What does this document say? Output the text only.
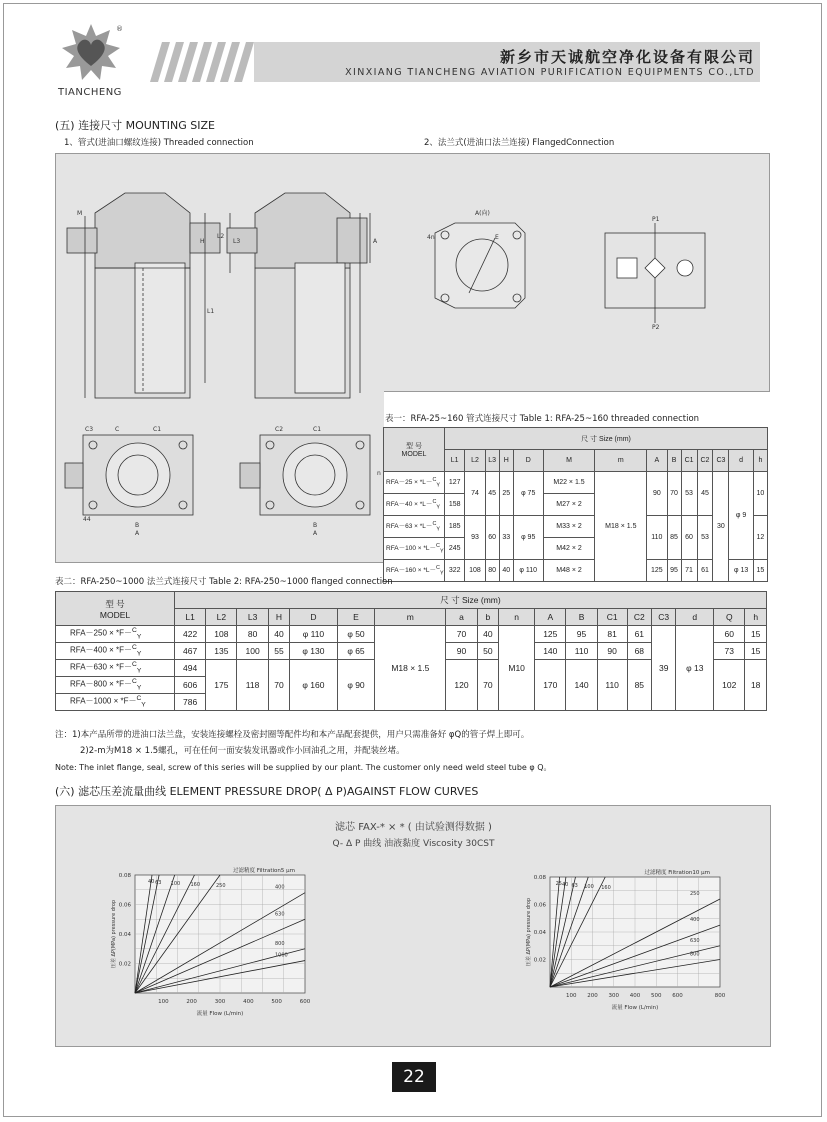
®
TIANCHENG
新乡市天诚航空净化设备有限公司
XINXIANG TIANCHENG AVIATION PURIFICATION EQUIPMENTS CO.,LTD
(五) 连接尺寸 MOUNTING SIZE
1、管式(进油口螺纹连接) Threaded connection	2、法兰式(进油口法兰连接) FlangedConnection
M
L1
L2
L3
H	A
A(向)
E
4n
P1
P2
C3	C	C1
B
A
44
C1
C2
B
A
n
表一：RFA-25~160 管式连接尺寸 Table 1: RFA-25~160 threaded connection
型 号
MODEL	尺 寸 Size (mm)													
	L1	L2	L3	H	D	M	m	A	B	C1	C2	C3	d	h
RFA－25 × *L－$^C_Y$	127	74	45	25	φ 75	M22 × 1.5	M18 × 1.5	90	70	53	45	30	φ 9	10
RFA－40 × *L－$^C_Y$	158					M27 × 2								
RFA－63 × *L－$^C_Y$	185	93	60	33	φ 95	M33 × 2		110	85	60	53			12
RFA－100 × *L－$^C_Y$	245					M42 × 2								
RFA－160 × *L－$^C_Y$	322	108	80	40	φ 110	M48 × 2		125	95	71	61		φ 13	15
表二：RFA-250~1000 法兰式连接尺寸 Table 2: RFA-250~1000 flanged connection
型 号
MODEL	尺 寸 Size (mm)																	
	L1	L2	L3	H	D	E	m	a	b	n	A	B	C1	C2	C3	d	Q	h
RFA－250 × *F－$^C_Y$	422	108	80	40	φ 110	φ 50	M18 × 1.5	70	40	M10	125	95	81	61	39	φ 13	60	15
RFA－400 × *F－$^C_Y$	467	135	100	55	φ 130	φ 65		90	50		140	110	90	68			73	15
RFA－630 × *F－$^C_Y$	494	175	118	70	φ 160	φ 90		120	70		170	140	110	85			102	18
RFA－800 × *F－$^C_Y$	606																	
RFA－1000 × *F－$^C_Y$	786																	
注：1)本产品所带的进油口法兰盘，安装连接螺栓及密封圈等配件均和本产品配套提供，用户只需准备好 φQ的管子焊上即可。
2)2-m为M18 × 1.5螺孔，可在任何一面安装发讯器或作小回油孔之用，并配装丝堵。
Note: The inlet flange, seal, screw of this series will be supplied by our plant. The customer only need weld steel tube φ Q。
(六) 滤芯压差流量曲线 ELEMENT PRESSURE DROP( Δ P)AGAINST FLOW CURVES
滤芯 FAX-* × * ( 由试验测得数据 )
Q- Δ P 曲线 油液黏度 Viscosity 30CST
40 63 100 160	250	400
630
800
1000
100	200	300	400	500	600
0.08
0.06
0.04
0.02
过滤精度 Filtration5 μm
流量 Flow (L/min)
压差 ΔP(MPa) pressure drop
25 40 63 100 160
250
400
630
800
100 200 300 400 500 600	800
0.08
0.06
0.04
0.02
过滤精度 Filtration10 μm
流量 Flow (L/min)
压差 ΔP(MPa) pressure drop
22
